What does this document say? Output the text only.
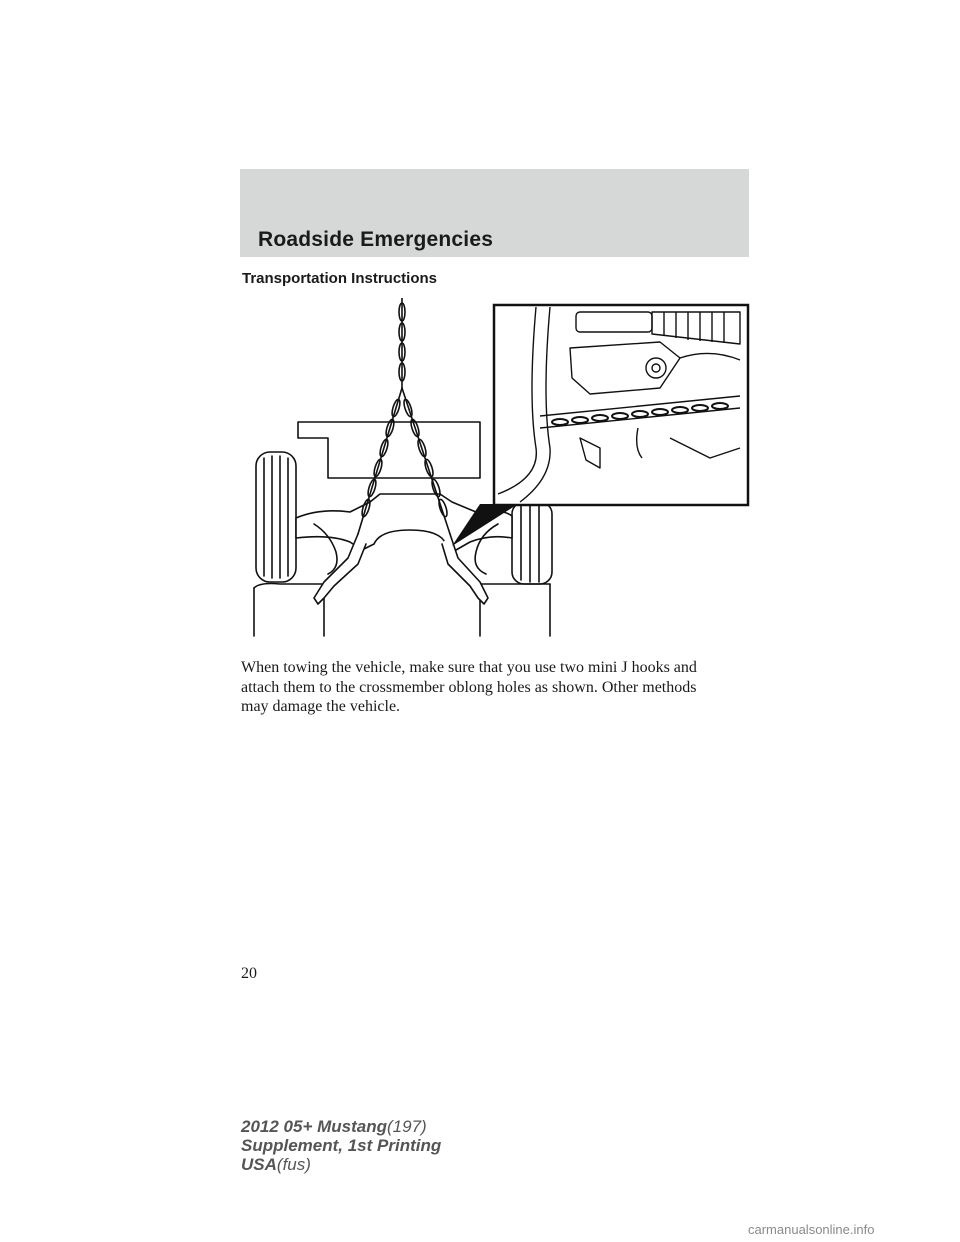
Roadside Emergencies
Transportation Instructions
When towing the vehicle, make sure that you use two mini J hooks and
attach them to the crossmember oblong holes as shown. Other methods
may damage the vehicle.
20
2012 05+ Mustang(197)
Supplement, 1st Printing
USA(fus)
carmanualsonline.info
